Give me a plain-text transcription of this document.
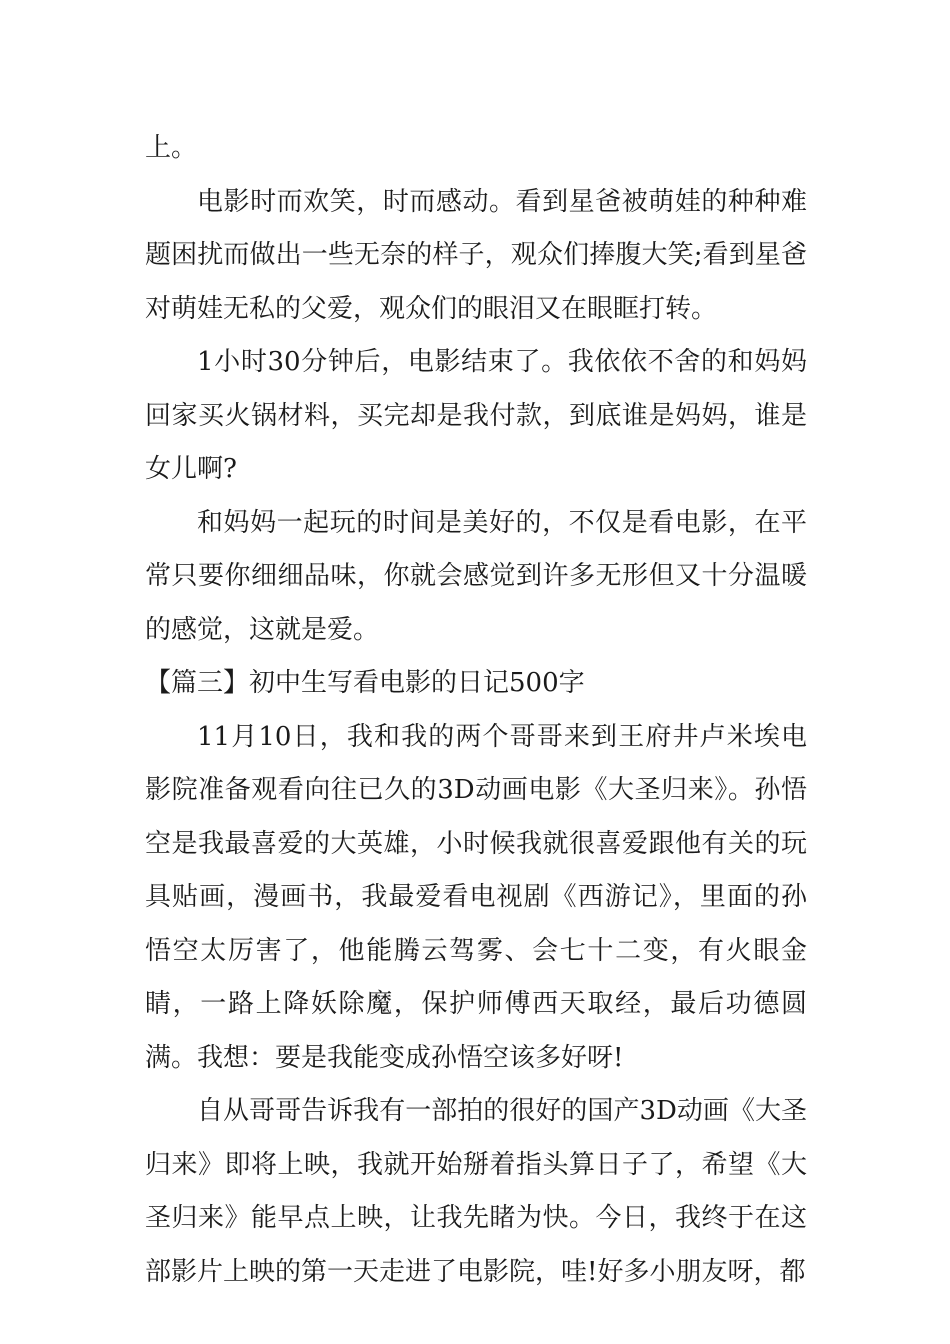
上。

电影时而欢笑，时而感动。看到星爸被萌娃的种种难题困扰而做出一些无奈的样子，观众们捧腹大笑;看到星爸对萌娃无私的父爱，观众们的眼泪又在眼眶打转。

1小时30分钟后，电影结束了。我依依不舍的和妈妈回家买火锅材料，买完却是我付款，到底谁是妈妈，谁是女儿啊?

和妈妈一起玩的时间是美好的，不仅是看电影，在平常只要你细细品味，你就会感觉到许多无形但又十分温暖的感觉，这就是爱。

【篇三】初中生写看电影的日记500字

11月10日，我和我的两个哥哥来到王府井卢米埃电影院准备观看向往已久的3D动画电影《大圣归来》。孙悟空是我最喜爱的大英雄，小时候我就很喜爱跟他有关的玩具贴画，漫画书，我最爱看电视剧《西游记》，里面的孙悟空太厉害了，他能腾云驾雾、会七十二变，有火眼金睛，一路上降妖除魔，保护师傅西天取经，最后功德圆满。我想：要是我能变成孙悟空该多好呀!

自从哥哥告诉我有一部拍的很好的国产3D动画《大圣归来》即将上映，我就开始掰着指头算日子了，希望《大圣归来》能早点上映，让我先睹为快。今日，我终于在这部影片上映的第一天走进了电影院，哇!好多小朋友呀，都
